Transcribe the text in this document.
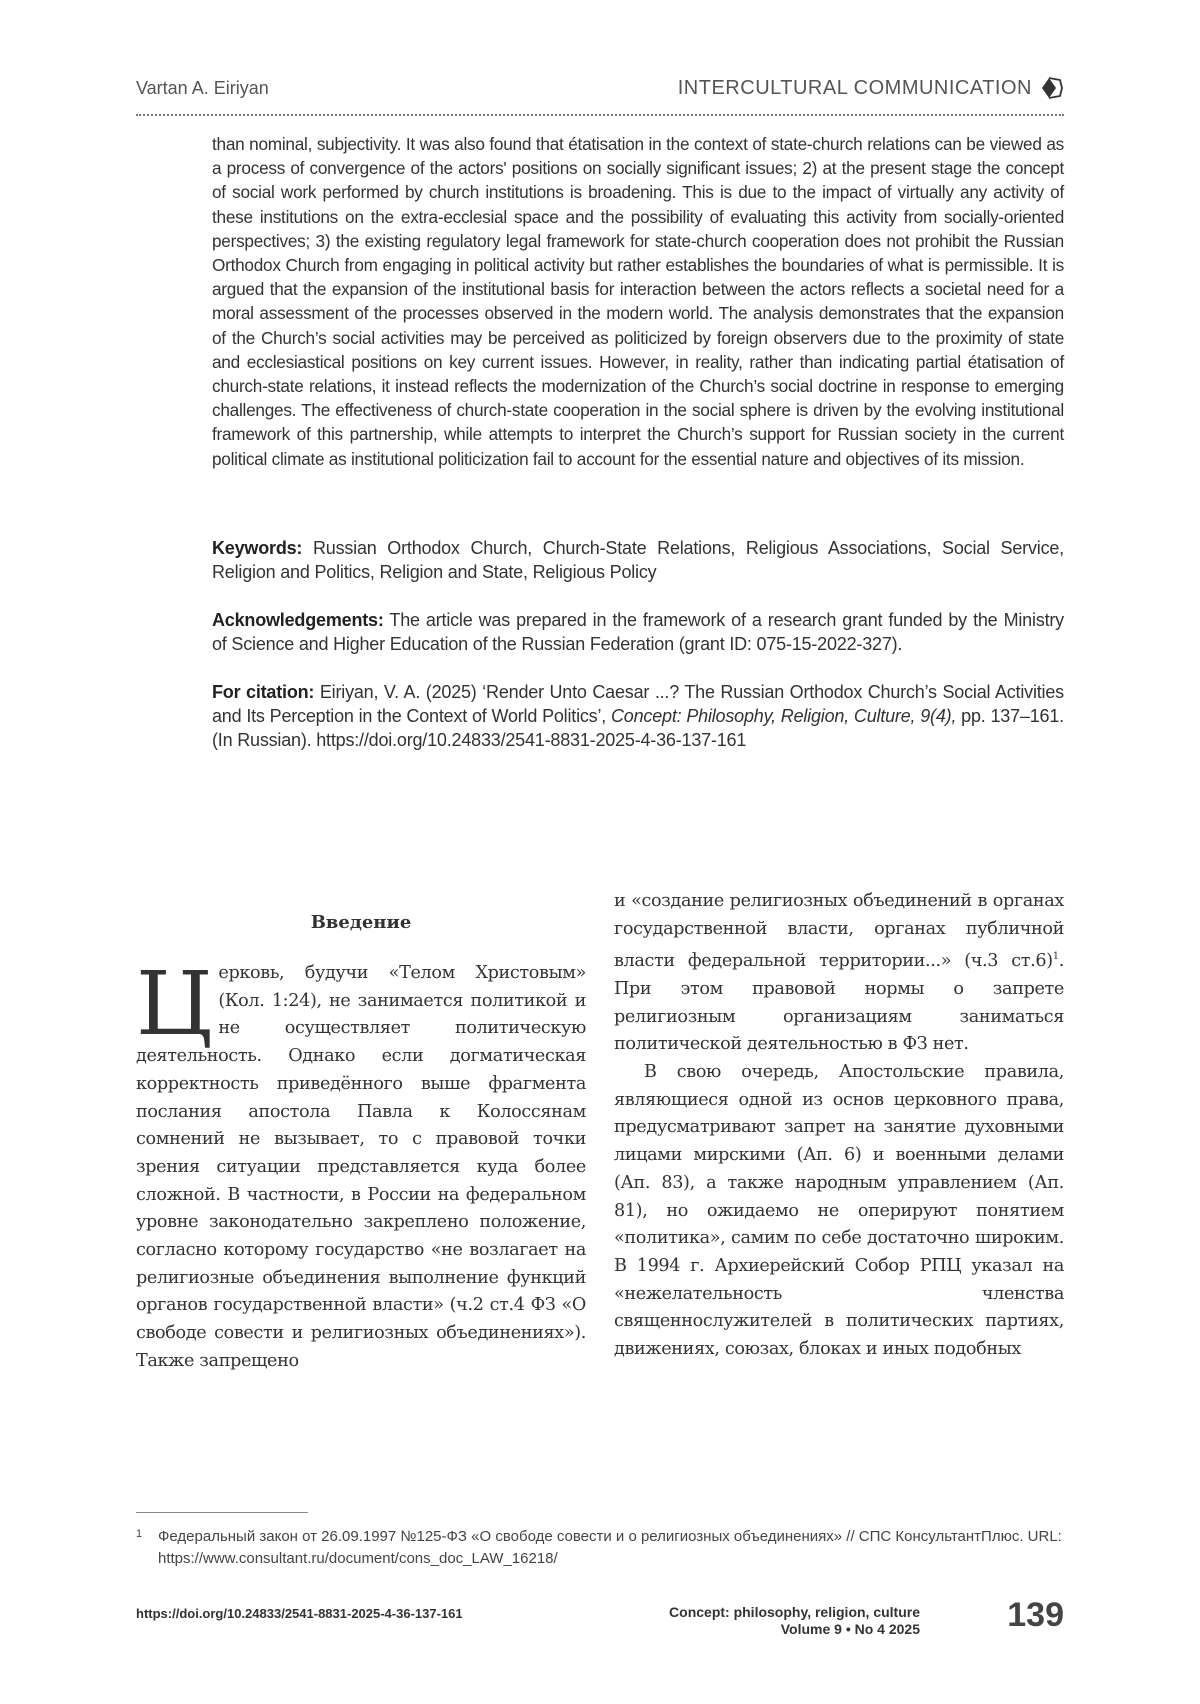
Vartan A. Eiriyan	INTERCULTURAL COMMUNICATION

than nominal, subjectivity. It was also found that étatisation in the context of state-church relations can be viewed as a process of convergence of the actors' positions on socially significant issues; 2) at the present stage the concept of social work performed by church institutions is broadening. This is due to the impact of virtually any activity of these institutions on the extra-ecclesial space and the possibility of evaluating this activity from socially-oriented perspectives; 3) the existing regulatory legal framework for state-church cooperation does not prohibit the Russian Orthodox Church from engaging in political activity but rather establishes the boundaries of what is permissible. It is argued that the expansion of the institutional basis for interaction between the actors reflects a societal need for a moral assessment of the processes observed in the modern world. The analysis demonstrates that the expansion of the Church’s social activities may be perceived as politicized by foreign observers due to the proximity of state and ecclesiastical positions on key current issues. However, in reality, rather than indicating partial étatisation of church-state relations, it instead reflects the modernization of the Church’s social doctrine in response to emerging challenges. The effectiveness of church-state cooperation in the social sphere is driven by the evolving institutional framework of this partnership, while attempts to interpret the Church’s support for Russian society in the current political climate as institutional politicization fail to account for the essential nature and objectives of its mission.

Keywords: Russian Orthodox Church, Church-State Relations, Religious Associations, Social Service, Religion and Politics, Religion and State, Religious Policy
Acknowledgements: The article was prepared in the framework of a research grant funded by the Ministry of Science and Higher Education of the Russian Federation (grant ID: 075-15-2022-327).
For citation: Eiriyan, V. A. (2025) ‘Render Unto Caesar ...? The Russian Orthodox Church’s Social Activities and Its Perception in the Context of World Politics’, Concept: Philosophy, Religion, Culture, 9(4), pp. 137–161. (In Russian). https://doi.org/10.24833/2541-8831-2025-4-36-137-161
Введение

Ц ерковь, будучи «Телом Христовым» (Кол. 1:24), не занимается политикой и не осуществляет политическую деятельность. Однако если догматическая корректность приведённого выше фрагмента послания апостола Павла к Колоссянам сомнений не вызывает, то с правовой точки зрения ситуации представляется куда более сложной. В частности, в России на федеральном уровне законодательно закреплено положение, согласно которому государство «не возлагает на религиозные объединения выполнение функций органов государственной власти» (ч.2 ст.4 ФЗ «О свободе совести и религиозных объединениях»). Также запрещено

и «создание религиозных объединений в органах государственной власти, органах публичной власти федеральной территории...» (ч.3 ст.6)$^1$. При этом правовой нормы о запрете религиозным организациям заниматься политической деятельностью в ФЗ нет.

В свою очередь, Апостольские правила, являющиеся одной из основ церковного права, предусматривают запрет на занятие духовными лицами мирскими (Ап. 6) и военными делами (Ап. 83), а также народным управлением (Ап. 81), но ожидаемо не оперируют понятием «политика», самим по себе достаточно широким. В 1994 г. Архиерейский Собор РПЦ указал на «нежелательность членства священнослужителей в политических партиях, движениях, союзах, блоках и иных подобных

1	Федеральный закон от 26.09.1997 №125-ФЗ «О свободе совести и о религиозных объединениях» // СПС КонсультантПлюс. URL: https://www.consultant.ru/document/cons_doc_LAW_16218/
https://doi.org/10.24833/2541-8831-2025-4-36-137-161	Concept: philosophy, religion, culture
Volume 9 • No 4 2025	139
